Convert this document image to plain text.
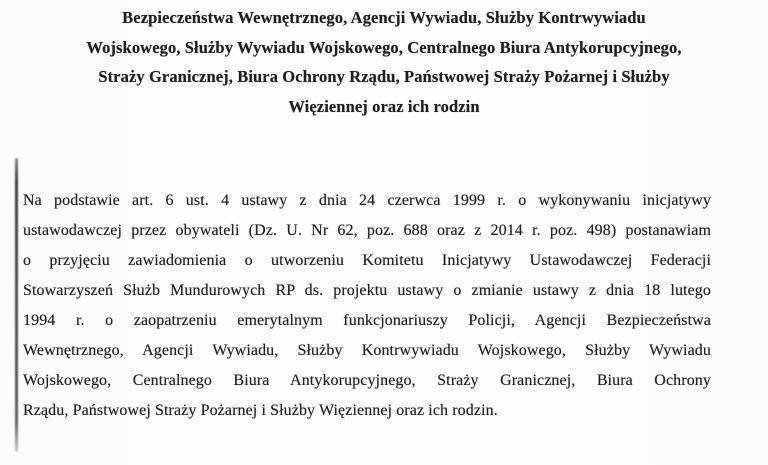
Bezpieczeństwa Wewnętrznego, Agencji Wywiadu, Służby Kontrwywiadu
Wojskowego, Służby Wywiadu Wojskowego, Centralnego Biura Antykorupcyjnego,
Straży Granicznej, Biura Ochrony Rządu, Państwowej Straży Pożarnej i Służby
Więziennej oraz ich rodzin
Na podstawie art. 6 ust. 4 ustawy z dnia 24 czerwca 1999 r. o wykonywaniu inicjatywy
ustawodawczej przez obywateli (Dz. U. Nr 62, poz. 688 oraz z 2014 r. poz. 498) postanawiam
o przyjęciu zawiadomienia o utworzeniu Komitetu Inicjatywy Ustawodawczej Federacji
Stowarzyszeń Służb Mundurowych RP ds. projektu ustawy o zmianie ustawy z dnia 18 lutego
1994 r. o zaopatrzeniu emerytalnym funkcjonariuszy Policji, Agencji Bezpieczeństwa
Wewnętrznego, Agencji Wywiadu, Służby Kontrwywiadu Wojskowego, Służby Wywiadu
Wojskowego, Centralnego Biura Antykorupcyjnego, Straży Granicznej, Biura Ochrony
Rządu, Państwowej Straży Pożarnej i Służby Więziennej oraz ich rodzin.
